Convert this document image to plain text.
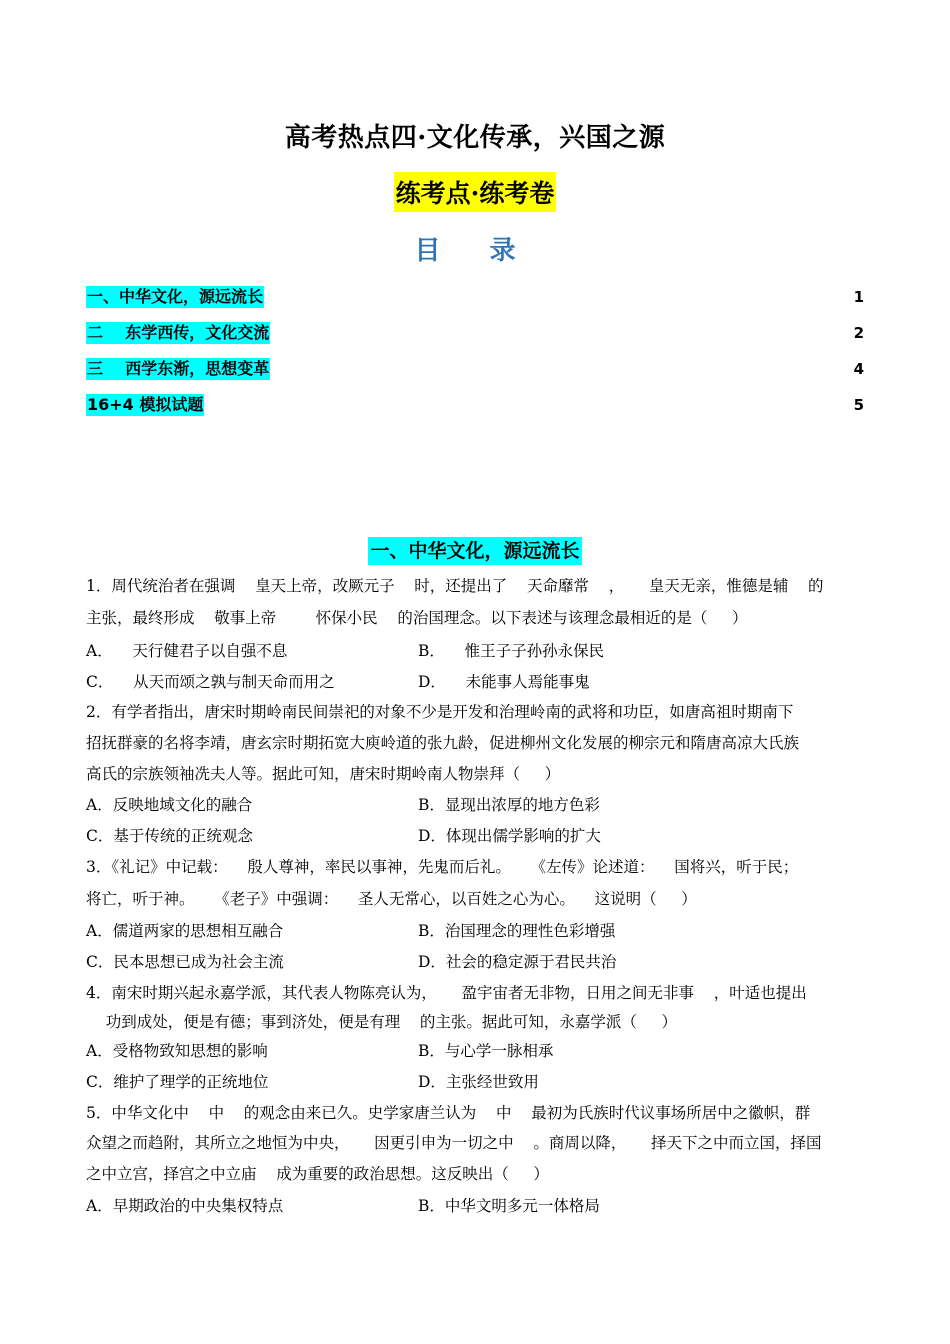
高考热点四·文化传承，兴国之源
练考点·练考卷
目 录
一、中华文化，源远流长	1
二    东学西传，文化交流	2
三    西学东渐，思想变革	4
16+4 模拟试题	5
一、中华文化，源远流长
1．周代统治者在强调    皇天上帝，改厥元子    时，还提出了    天命靡常    ，     皇天无亲，惟德是辅    的
主张，最终形成    敬事上帝        怀保小民    的治国理念。以下表述与该理念最相近的是（     ）
A．    天行健君子以自强不息	B．    惟王子子孙孙永保民
C．    从天而颂之孰与制天命而用之	D．    未能事人焉能事鬼
2．有学者指出，唐宋时期岭南民间崇祀的对象不少是开发和治理岭南的武将和功臣，如唐高祖时期南下
招抚群豪的名将李靖，唐玄宗时期拓宽大庾岭道的张九龄，促进柳州文化发展的柳宗元和隋唐高凉大氏族
高氏的宗族领袖冼夫人等。据此可知，唐宋时期岭南人物崇拜（     ）
A．反映地域文化的融合	B．显现出浓厚的地方色彩
C．基于传统的正统观念	D．体现出儒学影响的扩大
3．《礼记》中记载：    殷人尊神，率民以事神，先鬼而后礼。    《左传》论述道：    国将兴，听于民；
将亡，听于神。    《老子》中强调：    圣人无常心，以百姓之心为心。    这说明（     ）
A．儒道两家的思想相互融合	B．治国理念的理性色彩增强
C．民本思想已成为社会主流	D．社会的稳定源于君民共治
4．南宋时期兴起永嘉学派，其代表人物陈亮认为，     盈宇宙者无非物，日用之间无非事    ，叶适也提出
功到成处，便是有德；事到济处，便是有理    的主张。据此可知，永嘉学派（     ）
A．受格物致知思想的影响	B．与心学一脉相承
C．维护了理学的正统地位	D．主张经世致用
5．中华文化中    中    的观念由来已久。史学家唐兰认为    中    最初为氏族时代议事场所居中之徽帜，群
众望之而趋附，其所立之地恒为中央，     因更引申为一切之中    。商周以降，     择天下之中而立国，择国
之中立宫，择宫之中立庙    成为重要的政治思想。这反映出（     ）
A．早期政治的中央集权特点	B．中华文明多元一体格局
